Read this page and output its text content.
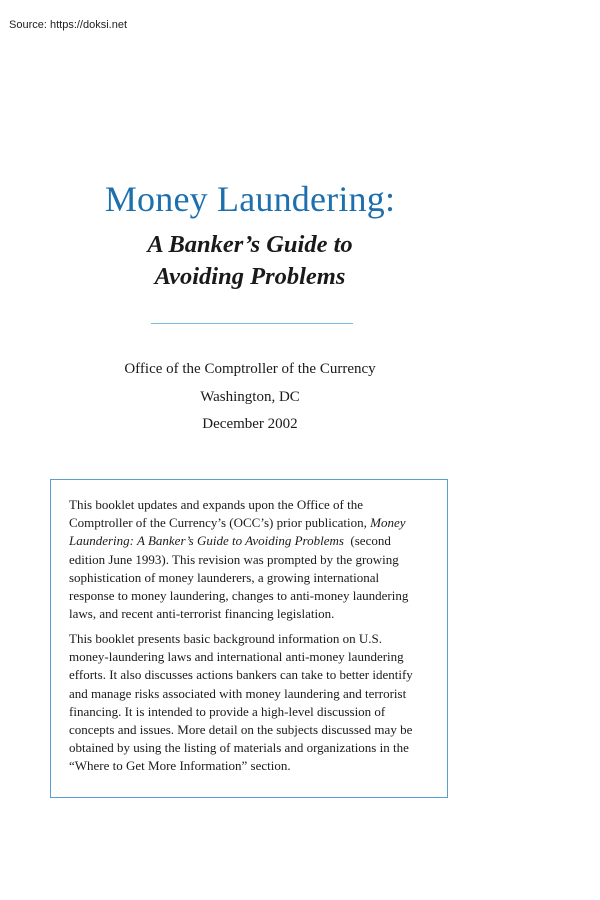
Source: https://doksi.net

Money Laundering:
A Banker’s Guide to
Avoiding Problems
Office of the Comptroller of the Currency
Washington, DC
December 2002

This booklet updates and expands upon the Office of the
Comptroller of the Currency’s (OCC’s) prior publication, Money
Laundering: A Banker’s Guide to Avoiding Problems  (second
edition June 1993). This revision was prompted by the growing
sophistication of money launderers, a growing international
response to money laundering, changes to anti-money laundering
laws, and recent anti-terrorist financing legislation.

This booklet presents basic background information on U.S.
money-laundering laws and international anti-money laundering
efforts. It also discusses actions bankers can take to better identify
and manage risks associated with money laundering and terrorist
financing. It is intended to provide a high-level discussion of
concepts and issues. More detail on the subjects discussed may be
obtained by using the listing of materials and organizations in the
“Where to Get More Information” section.
